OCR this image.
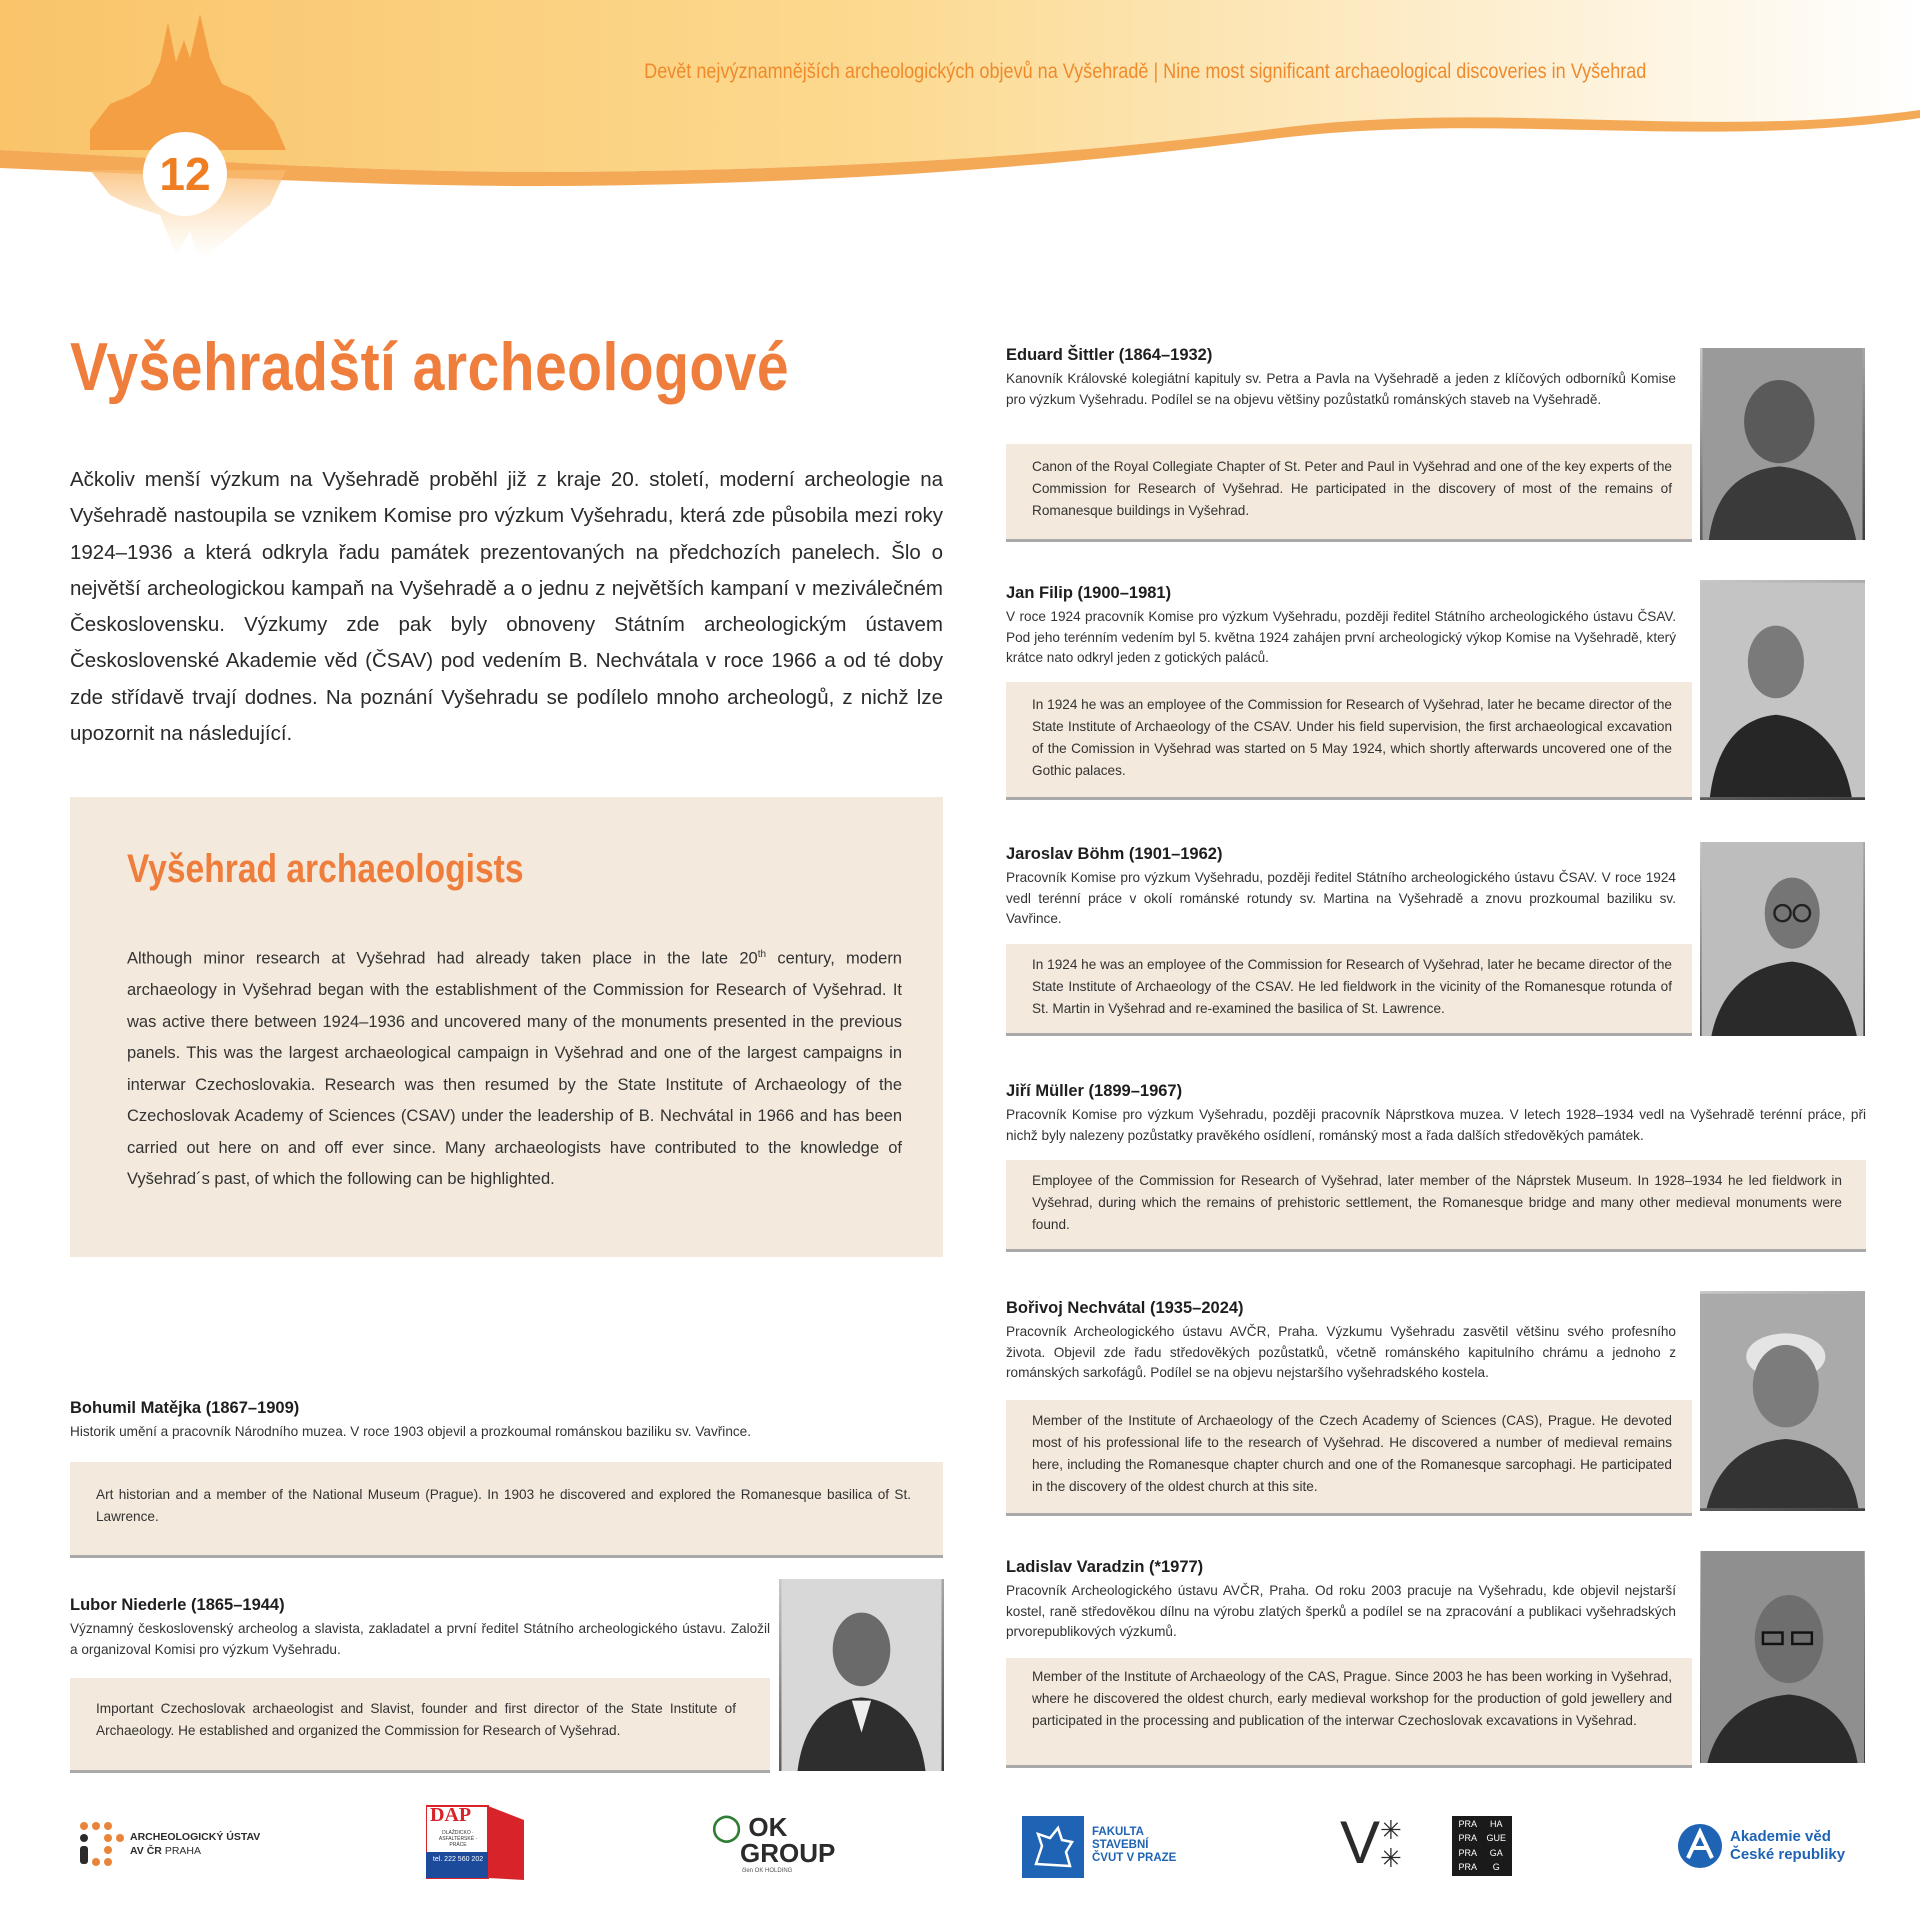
Devět nejvýznamnějších archeologických objevů na Vyšehradě | Nine most significant archaeological discoveries in Vyšehrad
12
Vyšehradští archeologové
Ačkoliv menší výzkum na Vyšehradě proběhl již z kraje 20. století, moderní archeologie na Vyšehradě nastoupila se vznikem Komise pro výzkum Vyšehradu, která zde působila mezi roky 1924–1936 a která odkryla řadu památek prezentovaných na předchozích panelech. Šlo o největší archeologickou kampaň na Vyšehradě a o jednu z největších kampaní v meziválečném Československu. Výzkumy zde pak byly obnoveny Státním archeologickým ústavem Československé Akademie věd (ČSAV) pod vedením B. Nechvátala v roce 1966 a od té doby zde střídavě trvají dodnes. Na poznání Vyšehradu se podílelo mnoho archeologů, z nichž lze upozornit na následující.
Vyšehrad archaeologists
Although minor research at Vyšehrad had already taken place in the late 20th century, modern archaeology in Vyšehrad began with the establishment of the Commission for Research of Vyšehrad. It was active there between 1924–1936 and uncovered many of the monuments presented in the previous panels. This was the largest archaeological campaign in Vyšehrad and one of the largest campaigns in interwar Czechoslovakia. Research was then resumed by the State Institute of Archaeology of the Czechoslovak Academy of Sciences (CSAV) under the leadership of B. Nechvátal in 1966 and has been carried out here on and off ever since. Many archaeologists have contributed to the knowledge of Vyšehrad´s past, of which the following can be highlighted.
Bohumil Matějka (1867–1909)
Historik umění a pracovník Národního muzea. V roce 1903 objevil a prozkoumal románskou baziliku sv. Vavřince.
Art historian and a member of the National Museum (Prague). In 1903 he discovered and explored the Romanesque basilica of St. Lawrence.
Lubor Niederle (1865–1944)
Významný československý archeolog a slavista, zakladatel a první ředitel Státního archeologického ústavu. Založil a organizoval Komisi pro výzkum Vyšehradu.
Important Czechoslovak archaeologist and Slavist, founder and first director of the State Institute of Archaeology. He established and organized the Commission for Research of Vyšehrad.
Eduard Šittler (1864–1932)
Kanovník Královské kolegiátní kapituly sv. Petra a Pavla na Vyšehradě a jeden z klíčových odborníků Komise pro výzkum Vyšehradu. Podílel se na objevu většiny pozůstatků románských staveb na Vyšehradě.
Canon of the Royal Collegiate Chapter of St. Peter and Paul in Vyšehrad and one of the key experts of the Commission for Research of Vyšehrad. He participated in the discovery of most of the remains of Romanesque buildings in Vyšehrad.
Jan Filip (1900–1981)
V roce 1924 pracovník Komise pro výzkum Vyšehradu, později ředitel Státního archeologického ústavu ČSAV. Pod jeho terénním vedením byl 5. května 1924 zahájen první archeologický výkop Komise na Vyšehradě, který krátce nato odkryl jeden z gotických paláců.
In 1924 he was an employee of the Commission for Research of Vyšehrad, later he became director of the State Institute of Archaeology of the CSAV. Under his field supervision, the first archaeological excavation of the Comission in Vyšehrad was started on 5 May 1924, which shortly afterwards uncovered one of the Gothic palaces.
Jaroslav Böhm (1901–1962)
Pracovník Komise pro výzkum Vyšehradu, později ředitel Státního archeologického ústavu ČSAV. V roce 1924 vedl terénní práce v okolí románské rotundy sv. Martina na Vyšehradě a znovu prozkoumal baziliku sv. Vavřince.
In 1924 he was an employee of the Commission for Research of Vyšehrad, later he became director of the State Institute of Archaeology of the CSAV. He led fieldwork in the vicinity of the Romanesque rotunda of St. Martin in Vyšehrad and re-examined the basilica of St. Lawrence.
Jiří Müller (1899–1967)
Pracovník Komise pro výzkum Vyšehradu, později pracovník Náprstkova muzea. V letech 1928–1934 vedl na Vyšehradě terénní práce, při nichž byly nalezeny pozůstatky pravěkého osídlení, románský most a řada dalších středověkých památek.
Employee of the Commission for Research of Vyšehrad, later member of the Náprstek Museum. In 1928–1934 he led fieldwork in Vyšehrad, during which the remains of prehistoric settlement, the Romanesque bridge and many other medieval monuments were found.
Bořivoj Nechvátal (1935–2024)
Pracovník Archeologického ústavu AVČR, Praha. Výzkumu Vyšehradu zasvětil většinu svého profesního života. Objevil zde řadu středověkých pozůstatků, včetně románského kapitulního chrámu a jednoho z románských sarkofágů. Podílel se na objevu nejstaršího vyšehradského kostela.
Member of the Institute of Archaeology of the Czech Academy of Sciences (CAS), Prague. He devoted most of his professional life to the research of Vyšehrad. He discovered a number of medieval remains here, including the Romanesque chapter church and one of the Romanesque sarcophagi. He participated in the discovery of the oldest church at this site.
Ladislav Varadzin (*1977)
Pracovník Archeologického ústavu AVČR, Praha. Od roku 2003 pracuje na Vyšehradu, kde objevil nejstarší kostel, raně středověkou dílnu na výrobu zlatých šperků a podílel se na zpracování a publikaci vyšehradských prvorepublikových výzkumů.
Member of the Institute of Archaeology of the CAS, Prague. Since 2003 he has been working in Vyšehrad, where he discovered the oldest church, early medieval workshop for the production of gold jewellery and participated in the processing and publication of the interwar Czechoslovak excavations in Vyšehrad.
ARCHEOLOGICKÝ ÚSTAV
AV ČR PRAHA
DAP
DLAŽDICKO · ASFALTÉRSKÉ · PRÁCE
tel. 222 560 202
◯ OK
GROUP
člen OK HOLDING
FAKULTA
STAVEBNÍ
ČVUT V PRAZE	V ✳
✳
PRA	HA
PRA	GUE
PRA	GA
PRA	G
Akademie věd
České republiky
